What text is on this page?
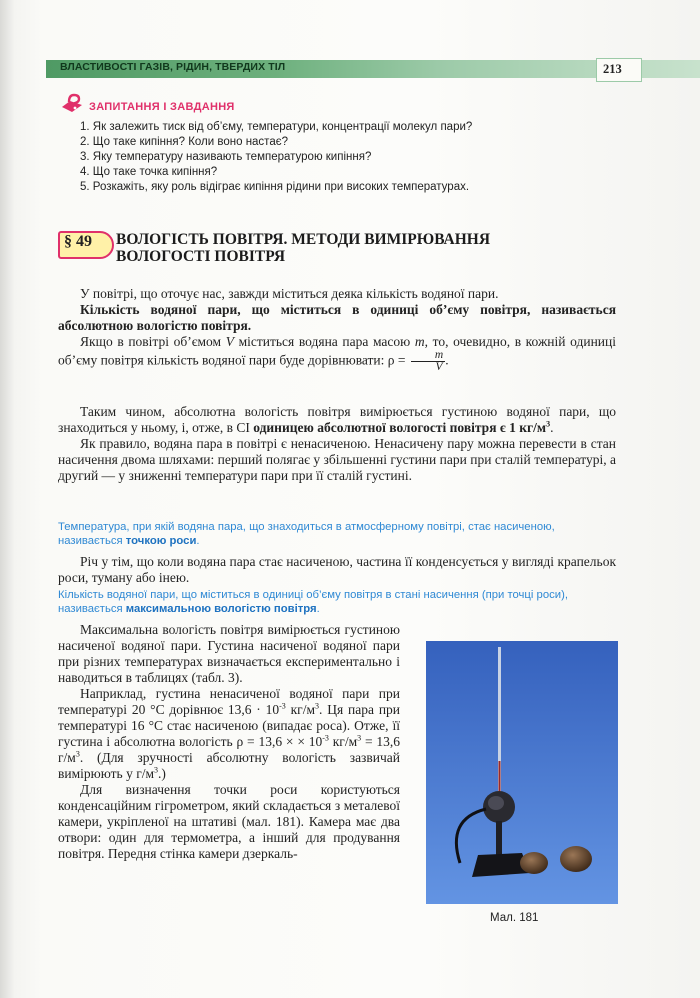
ВЛАСТИВОСТІ ГАЗІВ, РІДИН, ТВЕРДИХ ТІЛ	213
ЗАПИТАННЯ І ЗАВДАННЯ
1. Як залежить тиск від об’єму, температури, концентрації молекул пари?
2. Що таке кипіння? Коли воно настає?
3. Яку температуру називають температурою кипіння?
4. Що таке точка кипіння?
5. Розкажіть, яку роль відіграє кипіння рідини при високих температурах.
§ 49 ВОЛОГІСТЬ ПОВІТРЯ. МЕТОДИ ВИМІРЮВАННЯ
ВОЛОГОСТІ ПОВІТРЯ
У повітрі, що оточує нас, завжди міститься деяка кількість водяної пари.
Кількість водяної пари, що міститься в одиниці об’єму повітря, називається абсолютною вологістю повітря.
Якщо в повітрі об’ємом V міститься водяна пара масою m, то, очевидно, в кожній одиниці об’єму повітря кількість водяної пари буде дорівнювати: $\rho = \frac{m}{V}$ .
Таким чином, абсолютна вологість повітря вимірюється густиною водяної пари, що знаходиться у ньому, і, отже, в СІ одиницею абсолютної вологості повітря є 1 $кг/м^3$.
Як правило, водяна пара в повітрі є ненасиченою. Ненасичену пару можна перевести в стан насичення двома шляхами: перший полягає у збільшенні густини пари при сталій температурі, а другий — у зниженні температури пари при її сталій густині.
Температура, при якій водяна пара, що знаходиться в атмосферному повітрі, стає насиченою, називається точкою роси.
Річ у тім, що коли водяна пара стає насиченою, частина її конденсується у вигляді крапельок роси, туману або інею.
Кількість водяної пари, що міститься в одиниці об’єму повітря в стані насичення (при точці роси), називається максимальною вологістю повітря.

Максимальна вологість повітря вимірюється густиною насиченої водяної пари. Густина насиченої водяної пари при різних температурах визначається експериментально і наводиться в таблицях (табл. 3).

Наприклад, густина ненасиченої водяної пари при температурі 20 °С дорівнює $13,6 \cdot 10^{-3}$ $кг/м^3$. Ця пара при температурі 16 °С стає насиченою (випадає роса). Отже, її густина і абсолютна вологість ρ = 13,6 × × $10^{-3}$ $кг/м^3 = 13,6$ $г/м^3$. (Для зручності абсолютну вологість зазвичай вимірюють у $г/м^3$.)

Для визначення точки роси користуються конденсаційним гігрометром, який складається з металевої камери, укріпленої на штативі (мал. 181). Камера має два отвори: один для термометра, а інший для продування повітря. Передня стінка камери дзеркаль-

Мал. 181
